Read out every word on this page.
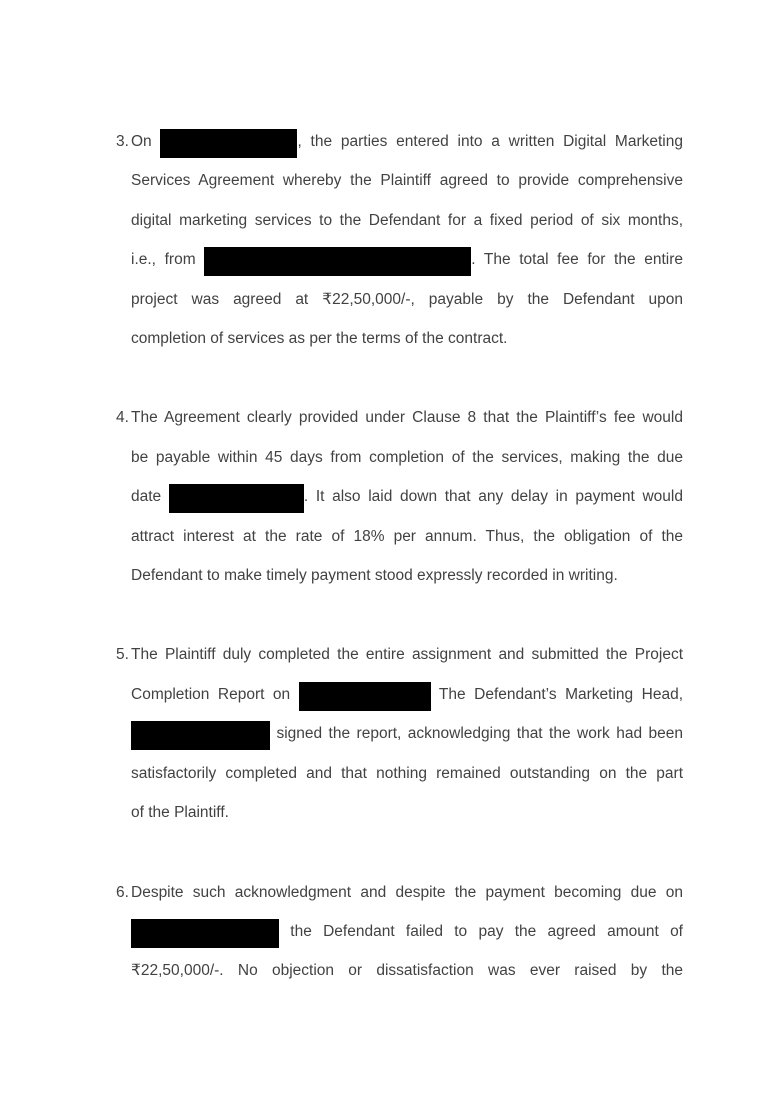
3. On	, the parties entered into a written Digital Marketing
Services Agreement whereby the Plaintiff agreed to provide comprehensive
digital marketing services to the Defendant for a fixed period of six months,
i.e., from	. The total fee for the entire
project was agreed at ₹22,50,000/-, payable by the Defendant upon
completion of services as per the terms of the contract.
4. The Agreement clearly provided under Clause 8 that the Plaintiff’s fee would
be payable within 45 days from completion of the services, making the due
date	. It also laid down that any delay in payment would
attract interest at the rate of 18% per annum. Thus, the obligation of the
Defendant to make timely payment stood expressly recorded in writing.
5. The Plaintiff duly completed the entire assignment and submitted the Project
Completion Report on	The Defendant’s Marketing Head,
signed the report, acknowledging that the work had been
satisfactorily completed and that nothing remained outstanding on the part
of the Plaintiff.
6. Despite such acknowledgment and despite the payment becoming due on
the Defendant failed to pay the agreed amount of
₹22,50,000/-. No objection or dissatisfaction was ever raised by the
